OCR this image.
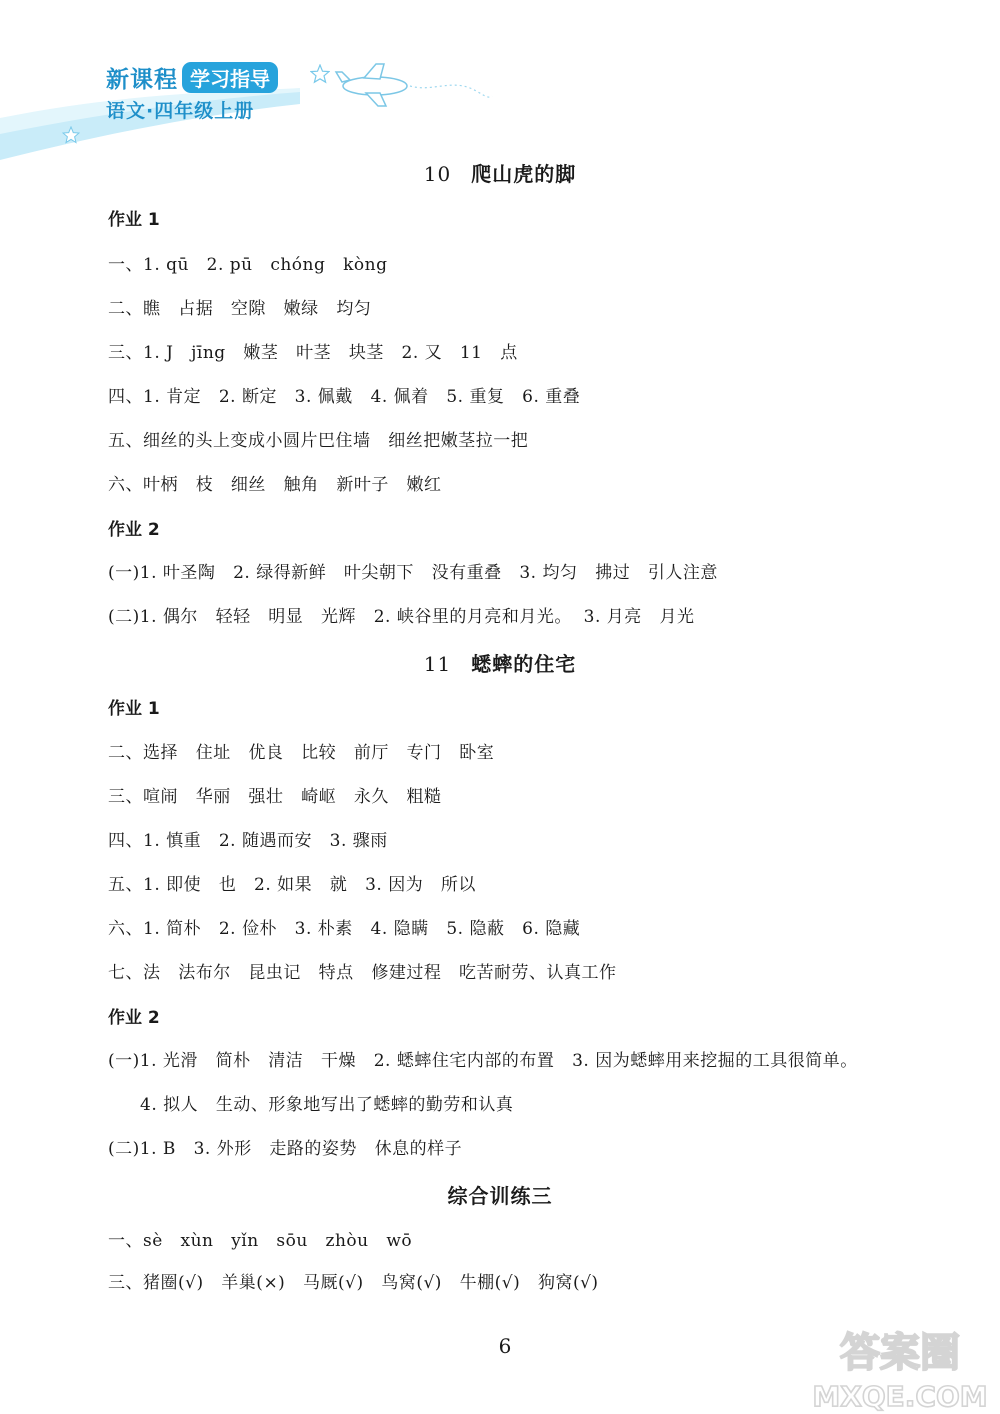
新课程 学习指导
语文·四年级上册
10 爬山虎的脚
作业 1
一、1. qū   2. pū   chóng   kòng
二、瞧   占据   空隙   嫩绿   均匀
三、1. J   jīng   嫩茎   叶茎   块茎   2. 又   11   点
四、1. 肯定   2. 断定   3. 佩戴   4. 佩着   5. 重复   6. 重叠
五、细丝的头上变成小圆片巴住墙   细丝把嫩茎拉一把
六、叶柄   枝   细丝   触角   新叶子   嫩红
作业 2
(一)1. 叶圣陶   2. 绿得新鲜   叶尖朝下   没有重叠   3. 均匀   拂过   引人注意
(二)1. 偶尔   轻轻   明显   光辉   2. 峡谷里的月亮和月光。  3. 月亮   月光
11 蟋蟀的住宅
作业 1
二、选择   住址   优良   比较   前厅   专门   卧室
三、喧闹   华丽   强壮   崎岖   永久   粗糙
四、1. 慎重   2. 随遇而安   3. 骤雨
五、1. 即使   也   2. 如果   就   3. 因为   所以
六、1. 简朴   2. 俭朴   3. 朴素   4. 隐瞒   5. 隐蔽   6. 隐藏
七、法   法布尔   昆虫记   特点   修建过程   吃苦耐劳、认真工作
作业 2
(一)1. 光滑   简朴   清洁   干燥   2. 蟋蟀住宅内部的布置   3. 因为蟋蟀用来挖掘的工具很简单。
4. 拟人   生动、形象地写出了蟋蟀的勤劳和认真
(二)1. B   3. 外形   走路的姿势   休息的样子
综合训练三
一、sè   xùn   yǐn   sōu   zhòu   wō
三、猪圈(√)   羊巢(×)   马厩(√)   鸟窝(√)   牛棚(√)   狗窝(√)
6	答案圈
MXQE.COM
